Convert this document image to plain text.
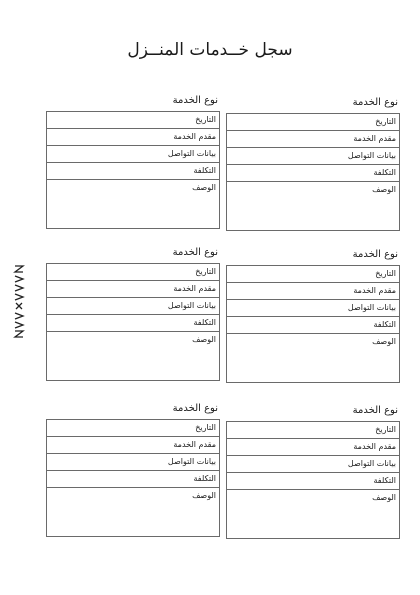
سجل خــدمات المنــزل
نوع الخدمة
التاريخ
مقدم الخدمة
بيانات التواصل
التكلفة
الوصف
نوع الخدمة
التاريخ
مقدم الخدمة
بيانات التواصل
التكلفة
الوصف
نوع الخدمة
التاريخ
مقدم الخدمة
بيانات التواصل
التكلفة
الوصف
نوع الخدمة
التاريخ
مقدم الخدمة
بيانات التواصل
التكلفة
الوصف
نوع الخدمة
التاريخ
مقدم الخدمة
بيانات التواصل
التكلفة
الوصف
نوع الخدمة
التاريخ
مقدم الخدمة
بيانات التواصل
التكلفة
الوصف
